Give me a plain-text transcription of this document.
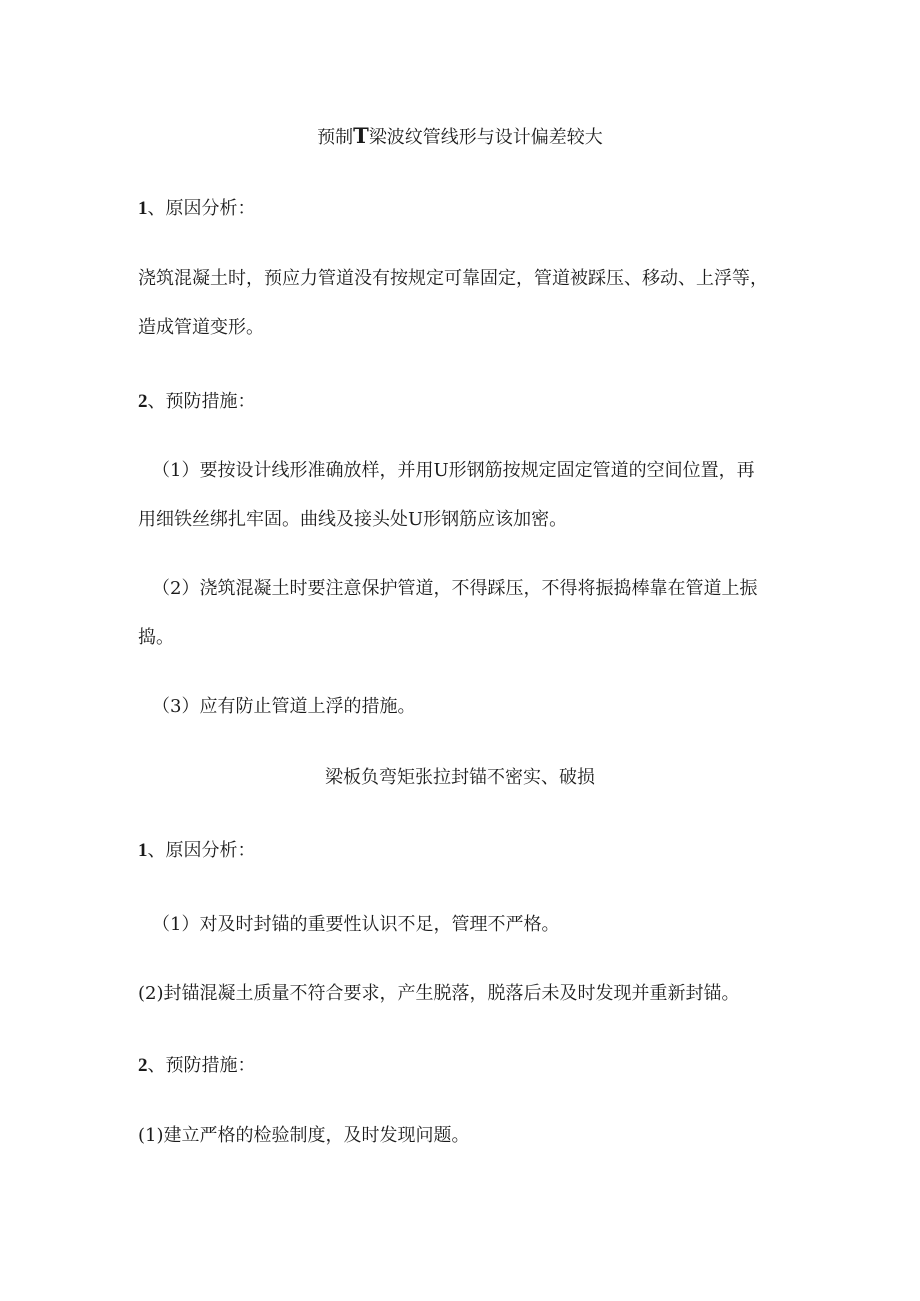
预制T梁波纹管线形与设计偏差较大
1、原因分析：
浇筑混凝土时，预应力管道没有按规定可靠固定，管道被踩压、移动、上浮等，
造成管道变形。
2、预防措施：
（1）要按设计线形准确放样，并用U形钢筋按规定固定管道的空间位置，再
用细铁丝绑扎牢固。曲线及接头处U形钢筋应该加密。
（2）浇筑混凝土时要注意保护管道，不得踩压，不得将振捣棒靠在管道上振
捣。
（3）应有防止管道上浮的措施。
梁板负弯矩张拉封锚不密实、破损
1、原因分析：
（1）对及时封锚的重要性认识不足，管理不严格。
(2)封锚混凝土质量不符合要求，产生脱落，脱落后未及时发现并重新封锚。
2、预防措施：
(1)建立严格的检验制度，及时发现问题。
